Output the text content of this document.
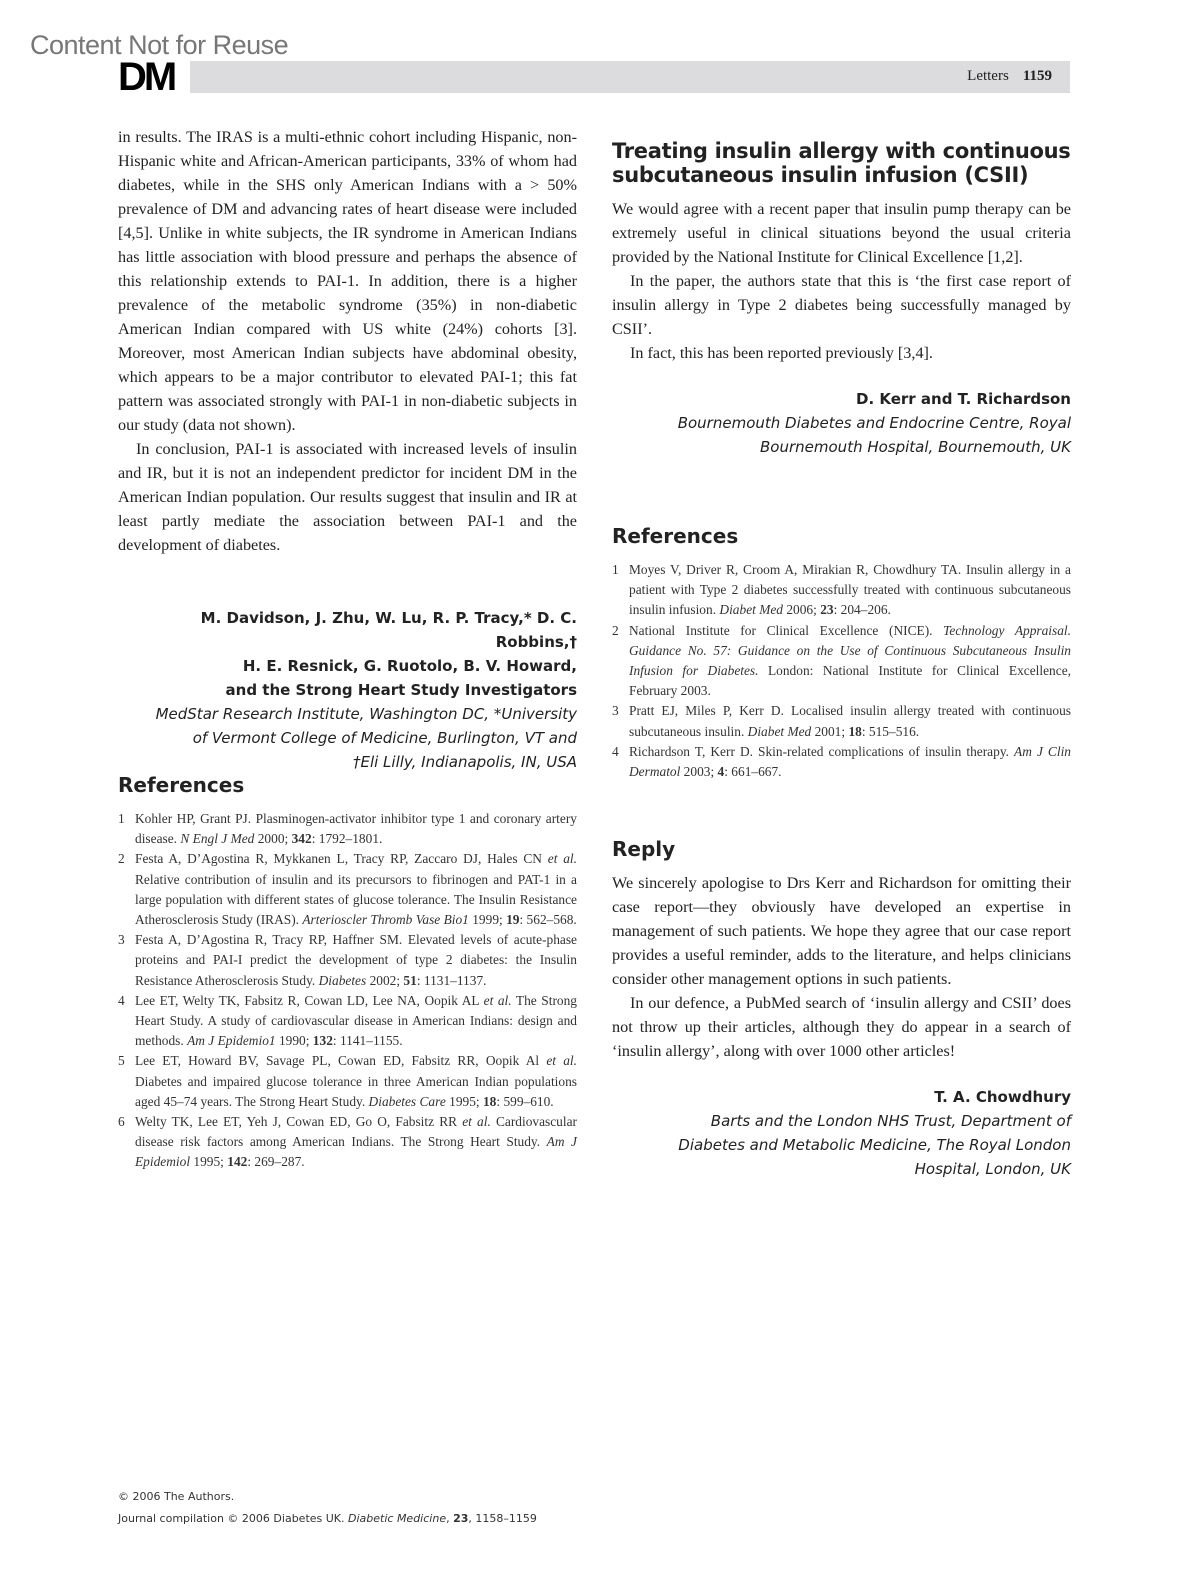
Content Not for Reuse
DM	Letters 1159

in results. The IRAS is a multi-ethnic cohort including Hispanic, non-Hispanic white and African-American participants, 33% of whom had diabetes, while in the SHS only American Indians with a > 50% prevalence of DM and advancing rates of heart disease were included [4,5]. Unlike in white subjects, the IR syndrome in American Indians has little association with blood pressure and perhaps the absence of this relationship extends to PAI-1. In addition, there is a higher prevalence of the metabolic syndrome (35%) in non-diabetic American Indian compared with US white (24%) cohorts [3]. Moreover, most American Indian subjects have abdominal obesity, which appears to be a major contributor to elevated PAI-1; this fat pattern was associated strongly with PAI-1 in non-diabetic subjects in our study (data not shown).

In conclusion, PAI-1 is associated with increased levels of insulin and IR, but it is not an independent predictor for incident DM in the American Indian population. Our results suggest that insulin and IR at least partly mediate the association between PAI-1 and the development of diabetes.

M. Davidson, J. Zhu, W. Lu, R. P. Tracy,* D. C. Robbins,†
H. E. Resnick, G. Ruotolo, B. V. Howard,
and the Strong Heart Study Investigators
MedStar Research Institute, Washington DC, *University
of Vermont College of Medicine, Burlington, VT and
†Eli Lilly, Indianapolis, IN, USA
References
1 Kohler HP, Grant PJ. Plasminogen-activator inhibitor type 1 and coronary artery disease. N Engl J Med 2000; 342: 1792–1801.
2 Festa A, D’Agostina R, Mykkanen L, Tracy RP, Zaccaro DJ, Hales CN et al. Relative contribution of insulin and its precursors to fibrinogen and PAT-1 in a large population with different states of glucose tolerance. The Insulin Resistance Atherosclerosis Study (IRAS). Arterioscler Thromb Vase Bio1 1999; 19: 562–568.
3 Festa A, D’Agostina R, Tracy RP, Haffner SM. Elevated levels of acute-phase proteins and PAI-I predict the development of type 2 diabetes: the Insulin Resistance Atherosclerosis Study. Diabetes 2002; 51: 1131–1137.
4 Lee ET, Welty TK, Fabsitz R, Cowan LD, Lee NA, Oopik AL et al. The Strong Heart Study. A study of cardiovascular disease in American Indians: design and methods. Am J Epidemio1 1990; 132: 1141–1155.
5 Lee ET, Howard BV, Savage PL, Cowan ED, Fabsitz RR, Oopik Al et al. Diabetes and impaired glucose tolerance in three American Indian populations aged 45–74 years. The Strong Heart Study. Diabetes Care 1995; 18: 599–610.
6 Welty TK, Lee ET, Yeh J, Cowan ED, Go O, Fabsitz RR et al. Cardiovascular disease risk factors among American Indians. The Strong Heart Study. Am J Epidemiol 1995; 142: 269–287.
Treating insulin allergy with continuous subcutaneous insulin infusion (CSII)

We would agree with a recent paper that insulin pump therapy can be extremely useful in clinical situations beyond the usual criteria provided by the National Institute for Clinical Excellence [1,2].

In the paper, the authors state that this is ‘the first case report of insulin allergy in Type 2 diabetes being successfully managed by CSII’.

In fact, this has been reported previously [3,4].

D. Kerr and T. Richardson
Bournemouth Diabetes and Endocrine Centre, Royal
Bournemouth Hospital, Bournemouth, UK
References
1 Moyes V, Driver R, Croom A, Mirakian R, Chowdhury TA. Insulin allergy in a patient with Type 2 diabetes successfully treated with continuous subcutaneous insulin infusion. Diabet Med 2006; 23: 204–206.
2 National Institute for Clinical Excellence (NICE). Technology Appraisal. Guidance No. 57: Guidance on the Use of Continuous Subcutaneous Insulin Infusion for Diabetes. London: National Institute for Clinical Excellence, February 2003.
3 Pratt EJ, Miles P, Kerr D. Localised insulin allergy treated with continuous subcutaneous insulin. Diabet Med 2001; 18: 515–516.
4 Richardson T, Kerr D. Skin-related complications of insulin therapy. Am J Clin Dermatol 2003; 4: 661–667.
Reply

We sincerely apologise to Drs Kerr and Richardson for omitting their case report—they obviously have developed an expertise in management of such patients. We hope they agree that our case report provides a useful reminder, adds to the literature, and helps clinicians consider other management options in such patients.

In our defence, a PubMed search of ‘insulin allergy and CSII’ does not throw up their articles, although they do appear in a search of ‘insulin allergy’, along with over 1000 other articles!

T. A. Chowdhury
Barts and the London NHS Trust, Department of
Diabetes and Metabolic Medicine, The Royal London
Hospital, London, UK
© 2006 The Authors.
Journal compilation © 2006 Diabetes UK. Diabetic Medicine, 23, 1158–1159
